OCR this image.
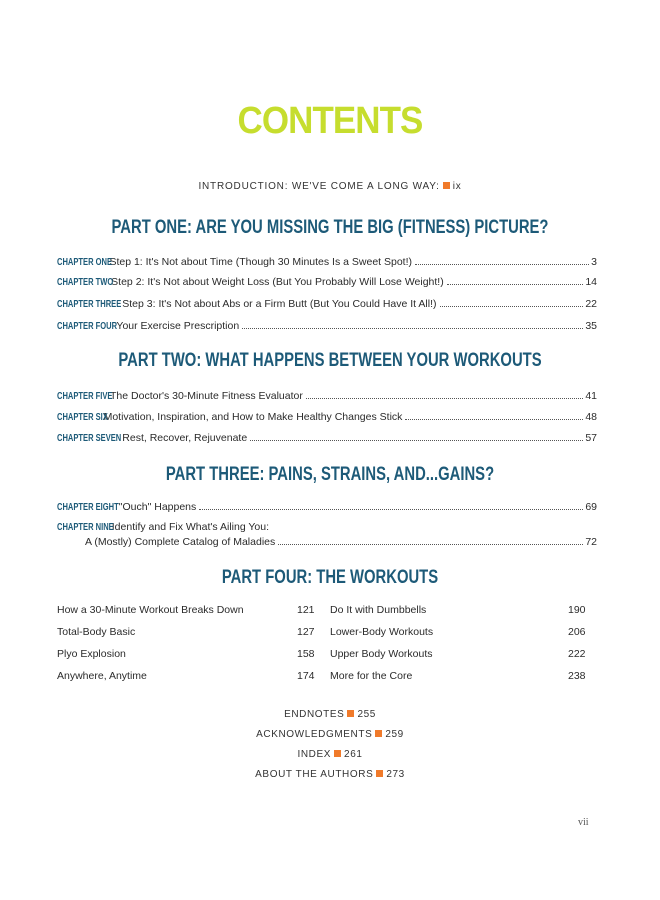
CONTENTS
INTRODUCTION: WE'VE COME A LONG WAY: ix
PART ONE: ARE YOU MISSING THE BIG (FITNESS) PICTURE?
CHAPTER ONE
Step 1: It's Not about Time (Though 30 Minutes Is a Sweet Spot!)	3
CHAPTER TWO
Step 2: It's Not about Weight Loss (But You Probably Will Lose Weight!)	14
CHAPTER THREE Step 3: It's Not about Abs or a Firm Butt (But You Could Have It All!)	22
CHAPTER FOUR Your Exercise Prescription	35
PART TWO: WHAT HAPPENS BETWEEN YOUR WORKOUTS
CHAPTER FIVE
The Doctor's 30-Minute Fitness Evaluator	41
CHAPTER SIX
Motivation, Inspiration, and How to Make Healthy Changes Stick	48
CHAPTER SEVEN Rest, Recover, Rejuvenate	57
PART THREE: PAINS, STRAINS, AND...GAINS?
CHAPTER EIGHT "Ouch" Happens	69
CHAPTER NINE
Identify and Fix What's Ailing You:
A (Mostly) Complete Catalog of Maladies	72
PART FOUR: THE WORKOUTS
How a 30-Minute Workout Breaks Down	121
Total-Body Basic	127
Plyo Explosion	158
Anywhere, Anytime	174
Do It with Dumbbells	190
Lower-Body Workouts	206
Upper Body Workouts	222
More for the Core	238
ENDNOTES 255
ACKNOWLEDGMENTS 259
INDEX 261
ABOUT THE AUTHORS 273
vii
